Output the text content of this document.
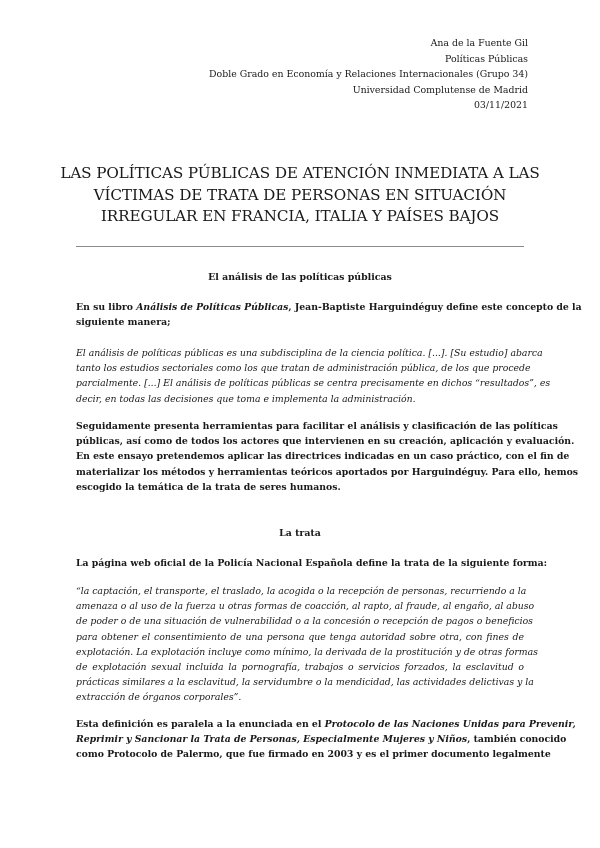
Ana de la Fuente Gil
Políticas Públicas
Doble Grado en Economía y Relaciones Internacionales (Grupo 34)
Universidad Complutense de Madrid
03/11/2021
LAS POLÍTICAS PÚBLICAS DE ATENCIÓN INMEDIATA A LAS
VÍCTIMAS DE TRATA DE PERSONAS EN SITUACIÓN
IRREGULAR EN FRANCIA, ITALIA Y PAÍSES BAJOS
El análisis de las políticas públicas
En su libro Análisis de Políticas Públicas, Jean-Baptiste Harguindéguy define este concepto de la
siguiente manera;
El análisis de políticas públicas es una subdisciplina de la ciencia política. [...]. [Su estudio] abarca
tanto los estudios sectoriales como los que tratan de administración pública, de los que procede
parcialmente. [...] El análisis de políticas públicas se centra precisamente en dichos “resultados”, es
decir, en todas las decisiones que toma e implementa la administración.
Seguidamente presenta herramientas para facilitar el análisis y clasificación de las políticas
públicas, así como de todos los actores que intervienen en su creación, aplicación y evaluación.
En este ensayo pretendemos aplicar las directrices indicadas en un caso práctico, con el fin de
materializar los métodos y herramientas teóricos aportados por Harguindéguy. Para ello, hemos
escogido la temática de la trata de seres humanos.
La trata
La página web oficial de la Policía Nacional Española define la trata de la siguiente forma:
“la captación, el transporte, el traslado, la acogida o la recepción de personas, recurriendo a la
amenaza o al uso de la fuerza u otras formas de coacción, al rapto, al fraude, al engaño, al abuso
de poder o de una situación de vulnerabilidad o a la concesión o recepción de pagos o beneficios
para obtener el consentimiento de una persona que tenga autoridad sobre otra, con fines de
explotación. La explotación incluye como mínimo, la derivada de la prostitución y de otras formas
de explotación sexual incluida la pornografía, trabajos o servicios forzados, la esclavitud o
prácticas similares a la esclavitud, la servidumbre o la mendicidad, las actividades delictivas y la
extracción de órganos corporales”.
Esta definición es paralela a la enunciada en el Protocolo de las Naciones Unidas para Prevenir,
Reprimir y Sancionar la Trata de Personas, Especialmente Mujeres y Niños, también conocido
como Protocolo de Palermo, que fue firmado en 2003 y es el primer documento legalmente
